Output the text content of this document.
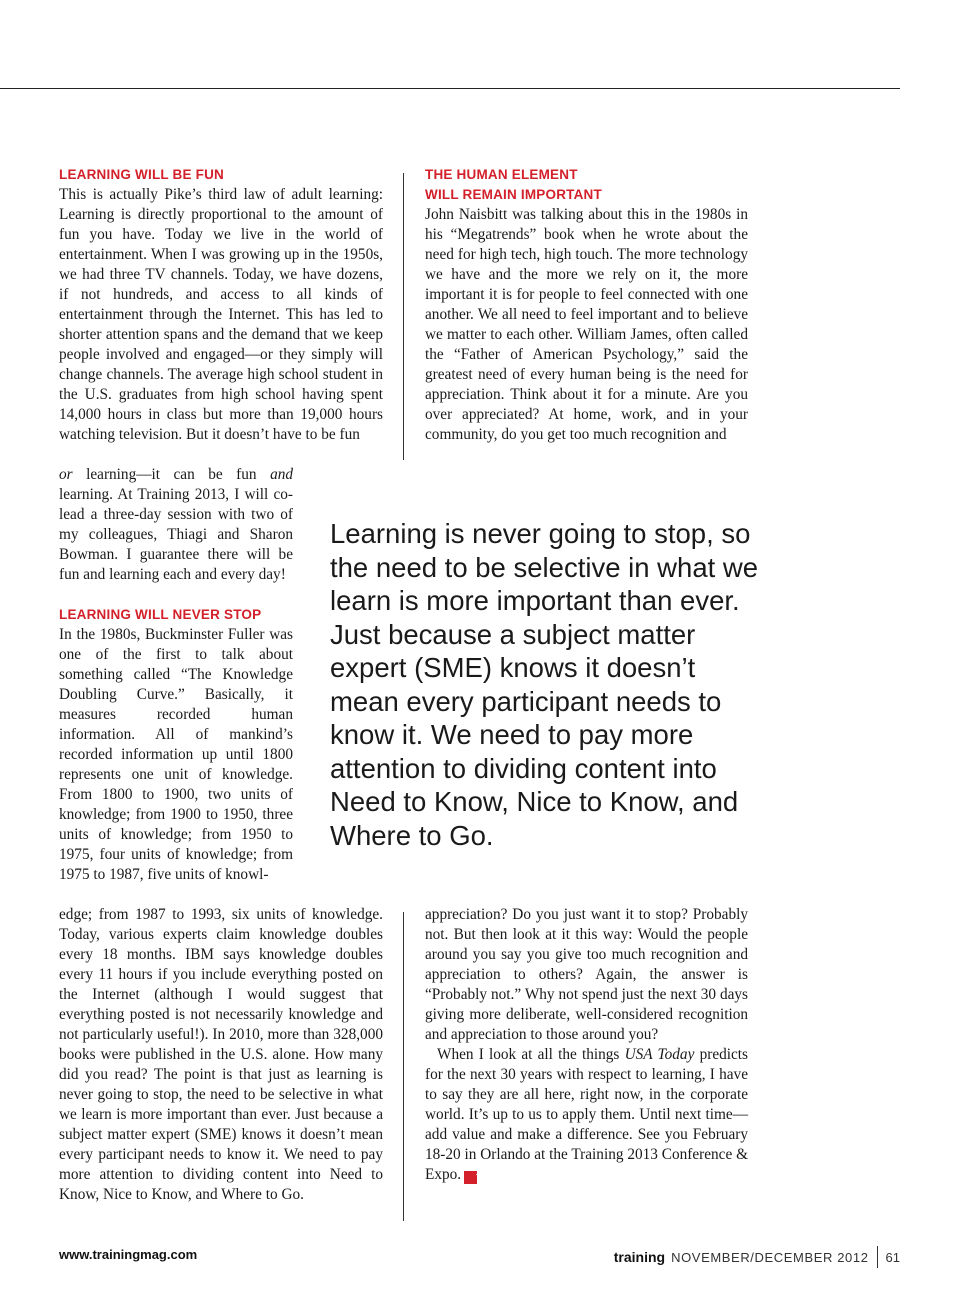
LEARNING WILL BE FUN

This is actually Pike’s third law of adult learning: Learning is directly proportional to the amount of fun you have. Today we live in the world of entertainment. When I was growing up in the 1950s, we had three TV channels. Today, we have dozens, if not hundreds, and access to all kinds of entertainment through the Internet. This has led to shorter attention spans and the demand that we keep people involved and engaged—or they simply will change channels. The average high school student in the U.S. graduates from high school having spent 14,000 hours in class but more than 19,000 hours watching television. But it doesn’t have to be fun

or learning—it can be fun and learning. At Training 2013, I will co-lead a three-day session with two of my colleagues, Thiagi and Sharon Bowman. I guarantee there will be fun and learning each and every day!

LEARNING WILL NEVER STOP

In the 1980s, Buckminster Fuller was one of the first to talk about something called “The Knowledge Doubling Curve.” Basically, it measures recorded human information. All of mankind’s recorded information up until 1800 represents one unit of knowledge. From 1800 to 1900, two units of knowledge; from 1900 to 1950, three units of knowledge; from 1950 to 1975, four units of knowledge; from 1975 to 1987, five units of knowl-

edge; from 1987 to 1993, six units of knowledge. Today, various experts claim knowledge doubles every 18 months. IBM says knowledge doubles every 11 hours if you include everything posted on the Internet (although I would suggest that everything posted is not necessarily knowledge and not particularly useful!). In 2010, more than 328,000 books were published in the U.S. alone. How many did you read? The point is that just as learning is never going to stop, the need to be selective in what we learn is more important than ever. Just because a subject matter expert (SME) knows it doesn’t mean every participant needs to know it. We need to pay more attention to dividing content into Need to Know, Nice to Know, and Where to Go.

THE HUMAN ELEMENT
WILL REMAIN IMPORTANT

John Naisbitt was talking about this in the 1980s in his “Megatrends” book when he wrote about the need for high tech, high touch. The more technology we have and the more we rely on it, the more important it is for people to feel connected with one another. We all need to feel important and to believe we matter to each other. William James, often called the “Father of American Psychology,” said the greatest need of every human being is the need for appreciation. Think about it for a minute. Are you over appreciated? At home, work, and in your community, do you get too much recognition and

Learning is never going to stop, so the need to be selective in what we learn is more important than ever. Just because a subject matter expert (SME) knows it doesn’t mean every participant needs to know it. We need to pay more attention to dividing content into Need to Know, Nice to Know, and Where to Go.

appreciation? Do you just want it to stop? Probably not. But then look at it this way: Would the people around you say you give too much recognition and appreciation to others? Again, the answer is “Probably not.” Why not spend just the next 30 days giving more deliberate, well-considered recognition and appreciation to those around you?

When I look at all the things USA Today predicts for the next 30 years with respect to learning, I have to say they are all here, right now, in the corporate world. It’s up to us to apply them. Until next time—add value and make a difference. See you February 18-20 in Orlando at the Training 2013 Conference & Expo. t

www.trainingmag.com	training NOVEMBER/DECEMBER 2012 61
